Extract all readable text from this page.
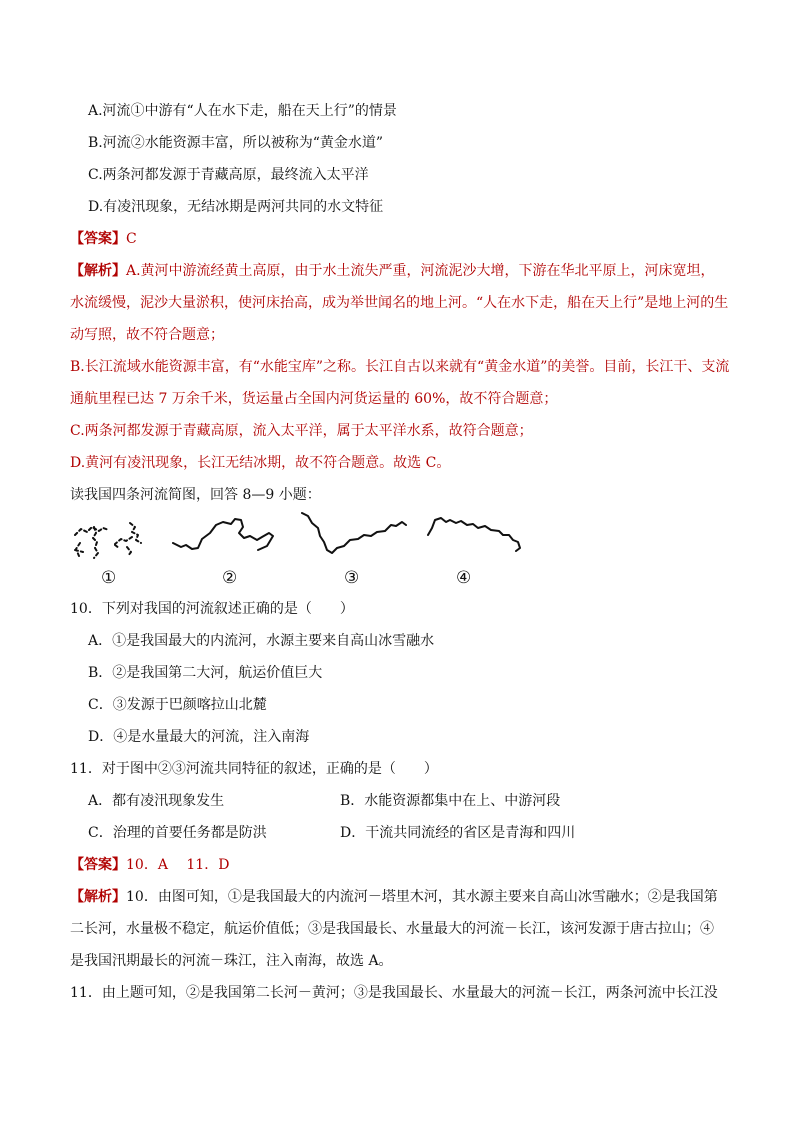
A.河流①中游有“人在水下走，船在天上行”的情景
B.河流②水能资源丰富，所以被称为“黄金水道”
C.两条河都发源于青藏高原，最终流入太平洋
D.有凌汛现象，无结冰期是两河共同的水文特征
【答案】C
【解析】A.黄河中游流经黄土高原，由于水土流失严重，河流泥沙大增，下游在华北平原上，河床宽坦，
水流缓慢，泥沙大量淤积，使河床抬高，成为举世闻名的地上河。“人在水下走，船在天上行”是地上河的生
动写照，故不符合题意；
B.长江流域水能资源丰富，有“水能宝库”之称。长江自古以来就有“黄金水道”的美誉。目前，长江干、支流
通航里程已达 7 万余千米，货运量占全国内河货运量的 60%，故不符合题意；
C.两条河都发源于青藏高原，流入太平洋，属于太平洋水系，故符合题意；
D.黄河有凌汛现象，长江无结冰期，故不符合题意。故选 C。
读我国四条河流简图，回答 8—9 小题：
①	②	③	④
10．下列对我国的河流叙述正确的是（　　）
A．①是我国最大的内流河，水源主要来自高山冰雪融水
B．②是我国第二大河，航运价值巨大
C．③发源于巴颜喀拉山北麓
D．④是水量最大的河流，注入南海
11．对于图中②③河流共同特征的叙述，正确的是（　　）
A．都有凌汛现象发生	B．水能资源都集中在上、中游河段
C．治理的首要任务都是防洪	D．干流共同流经的省区是青海和四川
【答案】10．A　 11．D
【解析】10．由图可知，①是我国最大的内流河－塔里木河，其水源主要来自高山冰雪融水；②是我国第
二长河，水量极不稳定，航运价值低；③是我国最长、水量最大的河流－长江，该河发源于唐古拉山；④
是我国汛期最长的河流－珠江，注入南海，故选 A。
11．由上题可知，②是我国第二长河－黄河；③是我国最长、水量最大的河流－长江，两条河流中长江没
